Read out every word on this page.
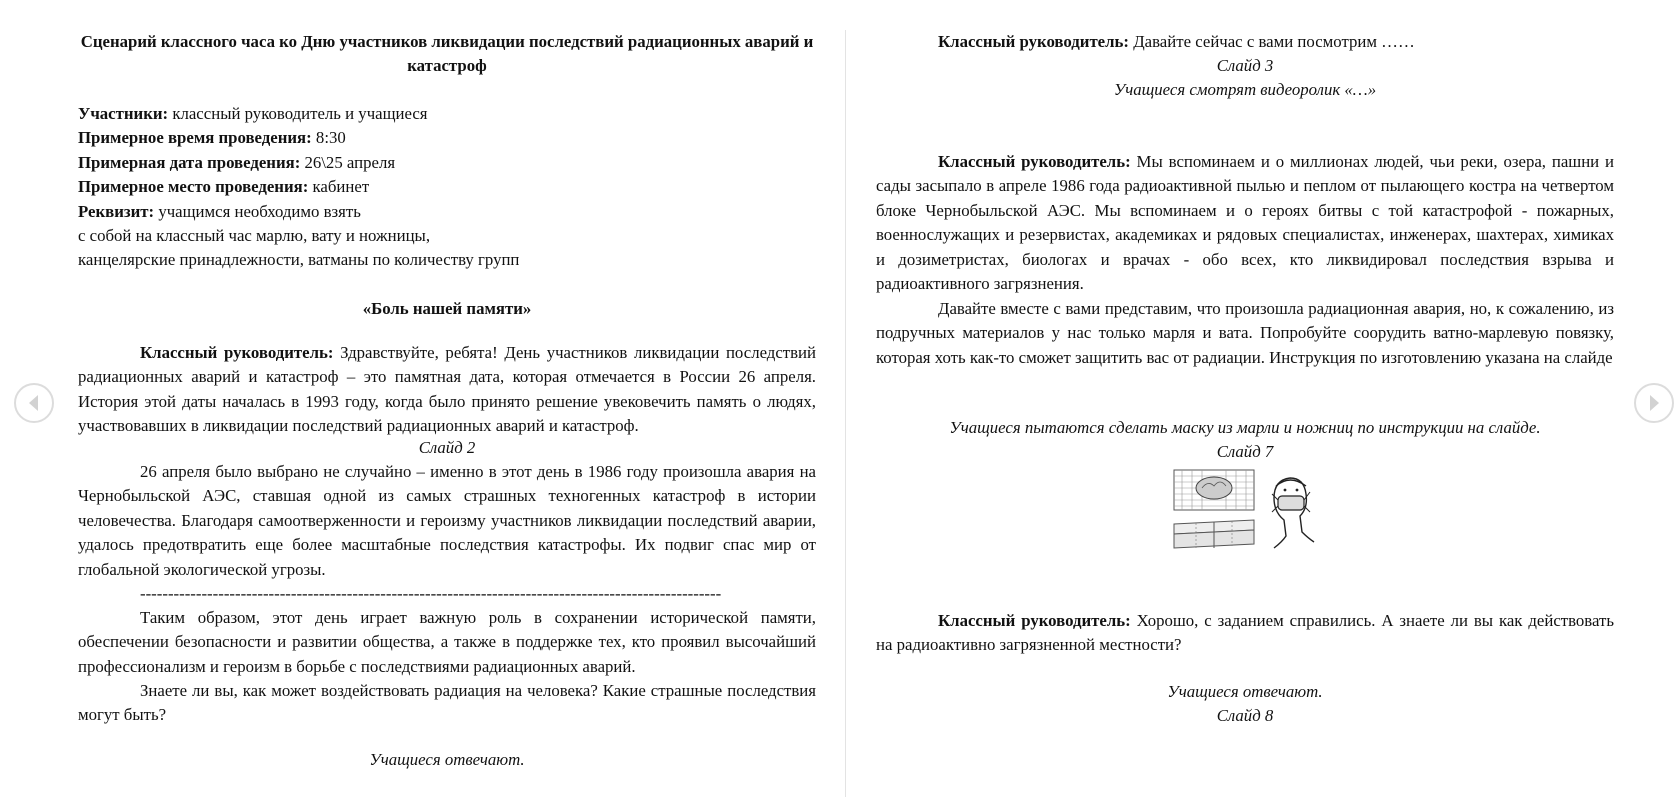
Сценарий классного часа ко Дню участников ликвидации последствий радиационных аварий и катастроф
Участники: классный руководитель и учащиеся
Примерное время проведения: 8:30
Примерная дата проведения: 26\25 апреля
Примерное место проведения: кабинет
Реквизит: учащимся необходимо взять
с собой на классный час марлю, вату и ножницы,
канцелярские принадлежности, ватманы по количеству групп
«Боль нашей памяти»
Классный руководитель: Здравствуйте, ребята! День участников ликвидации последствий радиационных аварий и катастроф – это памятная дата, которая отмечается в России 26 апреля. История этой даты началась в 1993 году, когда было принято решение увековечить память о людях, участвовавших в ликвидации последствий радиационных аварий и катастроф.
Слайд 2
26 апреля было выбрано не случайно – именно в этот день в 1986 году произошла авария на Чернобыльской АЭС, ставшая одной из самых страшных техногенных катастроф в истории человечества. Благодаря самоотверженности и героизму участников ликвидации последствий аварии, удалось предотвратить еще более масштабные последствия катастрофы. Их подвиг спас мир от глобальной экологической угрозы.
--------------------------------------------------------------------------------------------------------
Таким образом, этот день играет важную роль в сохранении исторической памяти, обеспечении безопасности и развитии общества, а также в поддержке тех, кто проявил высочайший профессионализм и героизм в борьбе с последствиями радиационных аварий.
Знаете ли вы, как может воздействовать радиация на человека? Какие страшные последствия могут быть?
Учащиеся отвечают.
Классный руководитель: Давайте сейчас с вами посмотрим ……
Слайд 3
Учащиеся смотрят видеоролик «…»
Классный руководитель: Мы вспоминаем и о миллионах людей, чьи реки, озера, пашни и сады засыпало в апреле 1986 года радиоактивной пылью и пеплом от пылающего костра на четвертом блоке Чернобыльской АЭС. Мы вспоминаем и о героях битвы с той катастрофой - пожарных, военнослужащих и резервистах, академиках и рядовых специалистах, инженерах, шахтерах, химиках и дозиметристах, биологах и врачах - обо всех, кто ликвидировал последствия взрыва и радиоактивного загрязнения.
Давайте вместе с вами представим, что произошла радиационная авария, но, к сожалению, из подручных материалов у нас только марля и вата. Попробуйте соорудить ватно-марлевую повязку, которая хоть как-то сможет защитить вас от радиации. Инструкция по изготовлению указана на слайде
Учащиеся пытаются сделать маску из марли и ножниц по инструкции на слайде.
Слайд 7
Классный руководитель: Хорошо, с заданием справились. А знаете ли вы как действовать на радиоактивно загрязненной местности?
Учащиеся отвечают.
Слайд 8
